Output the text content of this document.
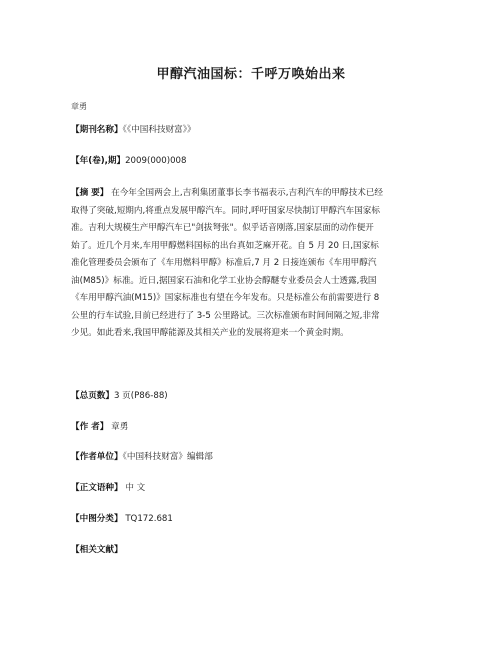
甲醇汽油国标：千呼万唤始出来
章勇
【期刊名称】《《中国科技财富》》
【年(卷),期】2009(000)008
【摘 要】 在今年全国两会上,吉利集团董事长李书福表示,吉利汽车的甲醇技术已经
取得了突破,短期内,将重点发展甲醇汽车。同时,呼吁国家尽快制订甲醇汽车国家标
准。吉利大规模生产甲醇汽车已"剑拔弩张"。似乎话音刚落,国家层面的动作便开
始了。近几个月来,车用甲醇燃料国标的出台真如芝麻开花。自 5 月 20 日,国家标
准化管理委员会颁布了《车用燃料甲醇》标准后,7 月 2 日接连颁布《车用甲醇汽
油(M85)》标准。近日,据国家石油和化学工业协会醇醚专业委员会人士透露,我国
《车用甲醇汽油(M15)》国家标准也有望在今年发布。只是标准公布前需要进行 8
公里的行车试验,目前已经进行了 3-5 公里路试。三次标准颁布时间间隔之短,非常
少见。如此看来,我国甲醇能源及其相关产业的发展将迎来一个黄金时期。
【总页数】3 页(P86-88)
【作 者】 章勇
【作者单位】《中国科技财富》编辑部
【正文语种】 中 文
【中图分类】 TQ172.681
【相关文献】
